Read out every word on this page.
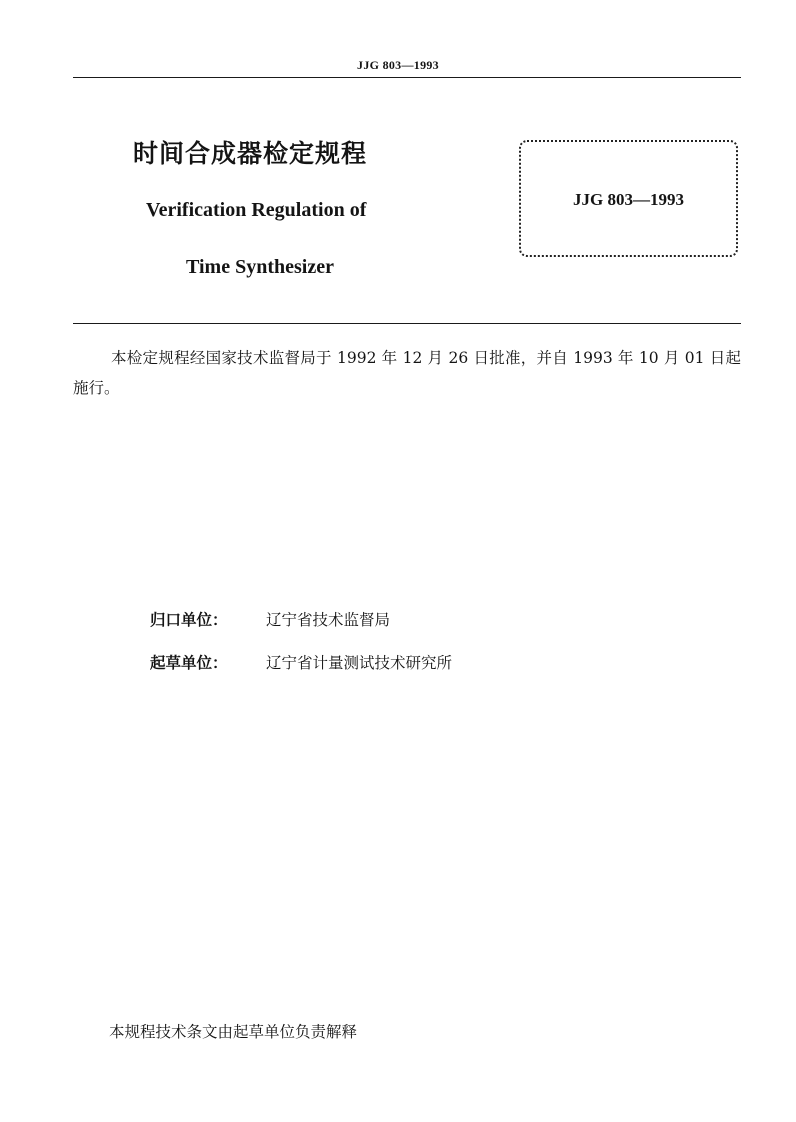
JJG 803—1993
时间合成器检定规程
Verification Regulation of
Time Synthesizer
JJG 803—1993
本检定规程经国家技术监督局于 1992 年 12 月 26 日批准，并自 1993 年 10 月 01 日起施行。
归口单位： 辽宁省技术监督局
起草单位： 辽宁省计量测试技术研究所
本规程技术条文由起草单位负责解释
